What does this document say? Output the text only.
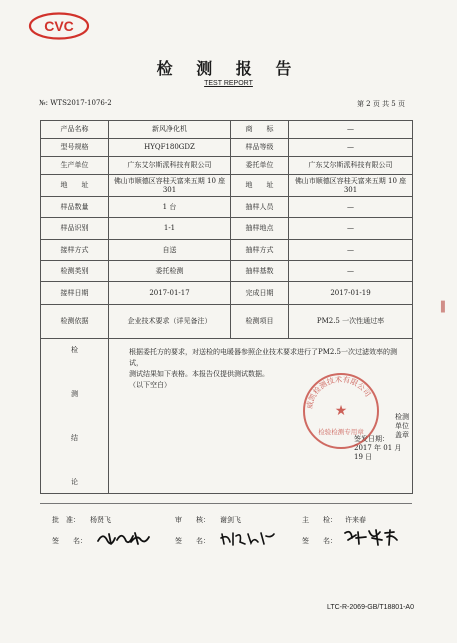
CVC
检 测 报 告
TEST REPORT
№: WTS2017-1076-2	第 2 页 共 5 页
产品名称	新风净化机	商　　标	—
型号规格	HYQF180GDZ	样品等级	—
生产单位	广东艾尔斯派科技有限公司	委托单位	广东艾尔斯派科技有限公司
地　　址	佛山市顺德区容桂天富来五期 10 座 301	地　　址	佛山市顺德区容桂天富来五期 10 座 301
样品数量	1 台	抽样人员	—
样品识别	1-1	抽样地点	—
接样方式	自送	抽样方式	—
检测类别	委托检测	抽样基数	—
接样日期	2017-01-17	完成日期	2017-01-19
检测依据	企业技术要求（详见备注）	检测项目	PM2.5 一次性通过率
检

测

结

论	根据委托方的要求，对送检的电暖器参照企业技术要求进行了PM2.5一次过滤效率的测试，
测试结果如下表格。本报告仅提供测试数据。
（以下空白）
检测单位盖章
签发日期：　　2017 年 01 月 19 日		
威凯检测技术有限公司
★
检验检测专用章
▌
批　准： 杨贤飞	审　　核： 谢剑飞	主　　检： 许来春
签　　名：	签　　名：	签　　名：
LTC-R-2069-GB/T18801-A0
